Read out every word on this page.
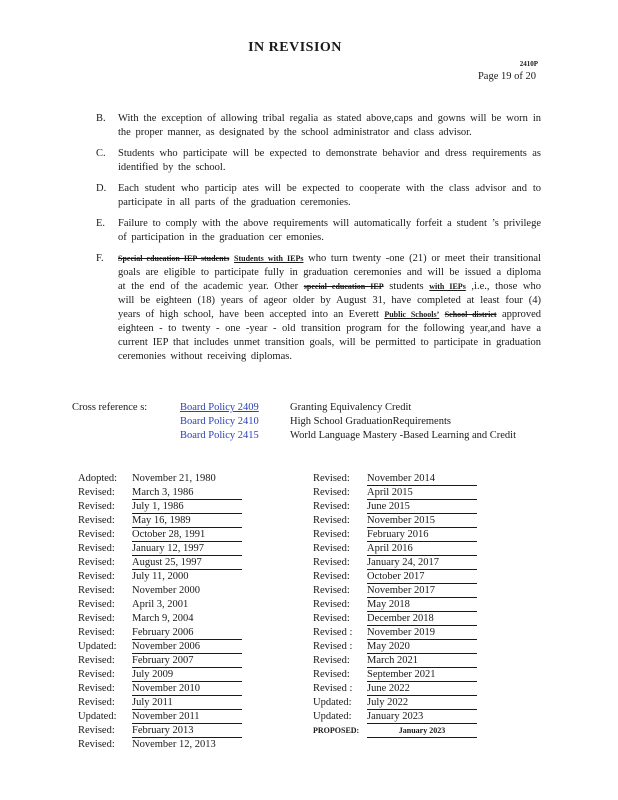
IN REVISION
2410P
Page 19 of 20
B.	With the exception of allowing tribal regalia as stated above,caps and gowns will be worn in the proper manner, as designated by the school administrator and class advisor.
C.	Students who participate will be expected to demonstrate behavior and dress requirements as identified by the school.
D.	Each student who particip ates will be expected to cooperate with the class advisor and to participate in all parts of the graduation ceremonies.
E.	Failure to comply with the above requirements will automatically forfeit a student ’s privilege of participation in the graduation cer emonies.
F.	Special education IEP students Students with IEPs who turn twenty -one (21) or meet their transitional goals are eligible to participate fully in graduation ceremonies and will be issued a diploma at the end of the academic year. Other special education IEP students with IEPs ,i.e., those who will be eighteen (18) years of ageor older by August 31, have completed at least four (4) years of high school, have been accepted into an Everett Public Schools’ School district approved eighteen - to twenty - one -year - old transition program for the following year,and have a current IEP that includes unmet transition goals, will be permitted to participate in graduation ceremonies without receiving diplomas.
Cross reference s:	Board Policy 2409	Granting Equivalency Credit
Board Policy 2410	High School GraduationRequirements
Board Policy 2415	World Language Mastery -Based Learning and Credit
Adopted:	November 21, 1980
Revised:	March 3, 1986
Revised:	July 1, 1986
Revised:	May 16, 1989
Revised:	October 28, 1991
Revised:	January 12, 1997
Revised:	August 25, 1997
Revised:	July 11, 2000
Revised:	November 2000
Revised:	April 3, 2001
Revised:	March 9, 2004
Revised:	February 2006
Updated:	November 2006
Revised:	February 2007
Revised:	July 2009
Revised:	November 2010
Revised:	July 2011
Updated:	November 2011
Revised:	February 2013
Revised:	November 12, 2013
Revised:	November 2014
Revised:	April 2015
Revised:	June 2015
Revised:	November 2015
Revised:	February 2016
Revised:	April 2016
Revised:	January 24, 2017
Revised:	October 2017
Revised:	November 2017
Revised:	May 2018
Revised:	December 2018
Revised :	November 2019
Revised :	May 2020
Revised:	March 2021
Revised:	September 2021
Revised :	June 2022
Updated:	July 2022
Updated:	January 2023
PROPOSED:	January 2023
